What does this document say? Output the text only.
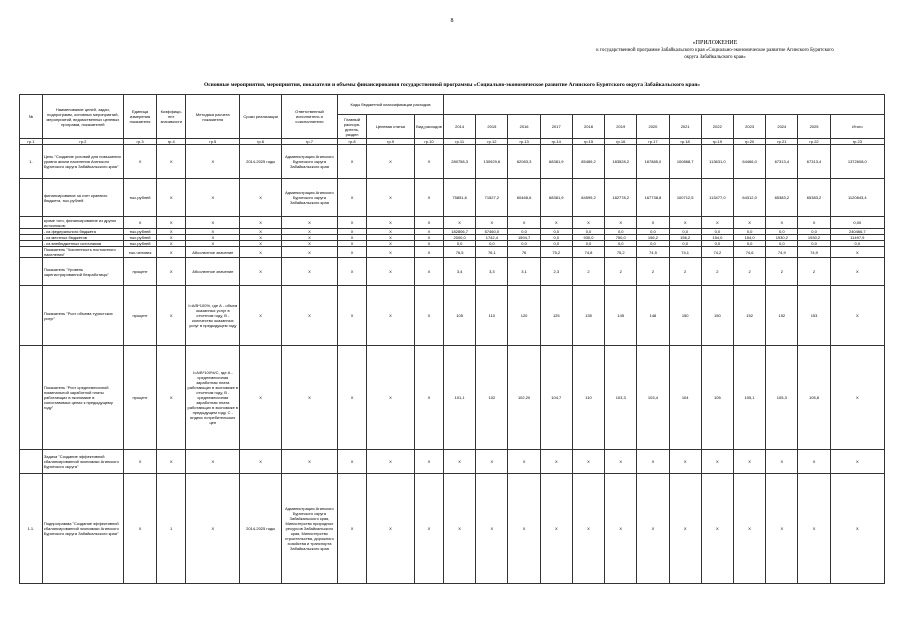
8
«ПРИЛОЖЕНИЕ
к государственной программе Забайкальского края «Социально-экономическое развитие Агинского Бурятского
округа Забайкальского края»
Основные мероприятия, мероприятия, показатели и объемы финансирования государственной программы «Социально-экономическое развитие Агинского Бурятского округа Забайкальского края»
№	Наименование целей, задач, подпрограмм, основных мероприятий, мероприятий, ведомственных целевых программ, показателей	Единица измерения показателя	Коэффици-ент значимости	Методика расчета показателя	Сроки реализации	Ответственный исполнитель и соисполнители	Коды бюджетной классификации расходов															
							Главный распоря-дитель, раздел	Целевая статья	Вид расходов	2014	2015	2016	2017	2018	2019	2020	2021	2022	2023	2024	2025	Итого
гр.1	гр.2	гр.3	гр.4	гр.5	гр.6	гр.7	гр.8	гр.9	гр.10	гр.11	гр.12	гр.13	гр.14	гр.15	гр.16	гр.17	гр.18	гр.19	гр.20	гр.21	гр.22	гр.23
1.	Цель "Создание условий для повышения уровня жизни населения Агинского Бурятского округа Забайкальского края"	Х	Х	Х	2014-2025 годы	Администрация Агинского Бурятского округа Забайкальского края	Х	Х	Х	280758,3	130929,6	62083,3	68381,9	85489,2	183528,2	167885,0	100868,7	113631,0	64466,0	67313,4	67313,4	1372608,0
	финансирование за счет краевого бюджета, тыс.рублей	тыс.рублей	Х	Х	Х	Администрация Агинского Бурятского округа Забайкальского края	Х	Х	Х	75851,6	71527,2	60468,6	68381,9	84599,2	182778,2	167738,8	100712,5	113477,0	64312,0	65383,2	65383,2	1120843,4
	кроме того, финансирование из других источников:	Х	Х	Х	Х	Х	Х	Х	Х	Х	Х	Х	Х	Х	Х	Х	Х	Х	Х	Х	Х	0,00
	- из федерального бюджета	тыс.рублей	Х	Х	Х	Х	Х	Х	Х	182806,7	57460,0	0,0	0,0	0,0	0,0	0,0	0,0	0,0	0,0	0,0	0,0	240466,7
	- из местных бюджетов	тыс.рублей	Х	Х	Х	Х	Х	Х	Х	2000,0	1742,4	1594,7	0,0	930,0	750,0	156,2	156,2	154,0	154,0	1930,2	1930,2	11497,9
	- из внебюджетных источников	тыс.рублей	Х	Х	Х	Х	Х	Х	Х	0,0	0,0	0,0	0,0	0,0	0,0	0,0	0,0	0,0	0,0	0,0	0,0	0,0
	Показатель "Численность постоянного населения"	тыс.человек	Х	Абсолютное значение	Х	Х	Х	Х	Х	76,5	76,1	76	75,2	74,8	75,2	74,5	74,1	74,2	74,6	74,9	74,9	Х
	Показатель "Уровень зарегистрированной безработицы"	процент	Х	Абсолютное значение	Х	Х	Х	Х	Х	3,4	3,3	3,1	2,3	2	2	2	2	2	2	2	2	Х
	Показатель "Рост объема туристских услуг"	процент	Х	I=A/B*100%, где А - объем оказанных услуг в отчетном году, В - количество оказанных услуг в предыдущем году	Х	Х	Х	Х	Х	105	110	120	125	135	145	148	150	150	152	152	153	Х
	Показатель "Рост среднемесячной номинальной заработной платы работающих в экономике в сопоставимых ценах к предыдущему году"	процент	Х	I=A/B*100%/C, где А - среднемесячная заработная плата работающих в экономике в отчетном году, В - среднемесячная заработная плата работающих в экономике в предыдущем году, С - индекс потребительских цен	Х	Х	Х	Х	Х	101,1	102	102,20	104,7	110	103,3	103,4	104	105	105,1	105,3	105,8	Х
	Задача "Создание эффективной сбалансированной экономики Агинского Бурятского округа"	Х	Х	Х	Х	Х	Х	Х	Х	Х	Х	Х	Х	Х	Х	Х	Х	Х	Х	Х	Х	Х
1.1.	Подпрограмма "Создание эффективной сбалансированной экономики Агинского Бурятского округа Забайкальского края"	Х	1	Х	2014-2025 годы	Администрация Агинского Бурятского округа Забайкальского края, Министерство природных ресурсов Забайкальского края, Министерство строительства, дорожного хозяйства и транспорта Забайкальского края	Х	Х	Х	Х	Х	Х	Х	Х	Х	Х	Х	Х	Х	Х	Х	Х
